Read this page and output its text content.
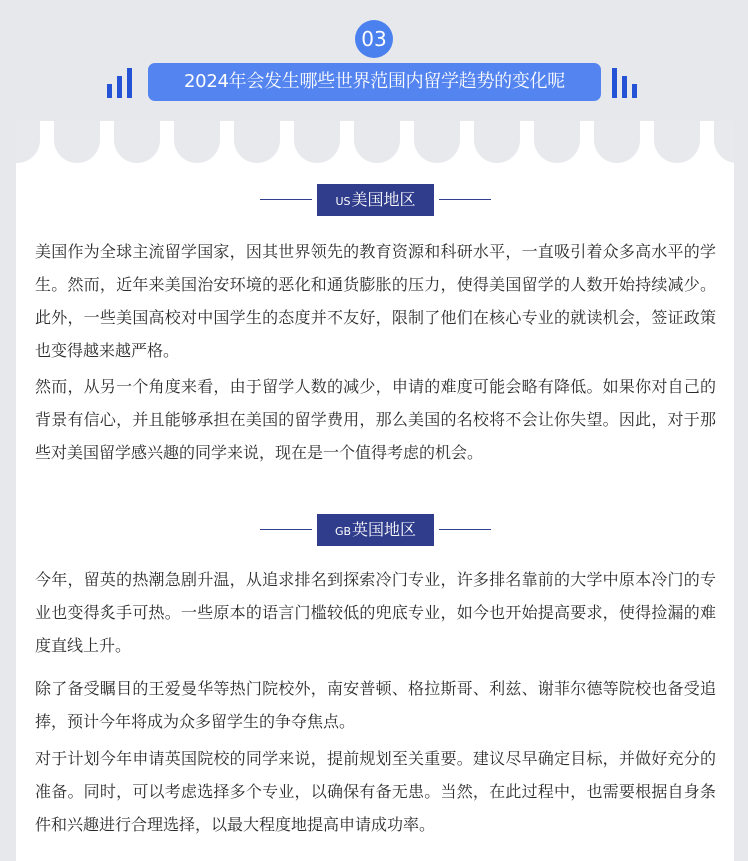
03
2024年会发生哪些世界范围内留学趋势的变化呢
US美国地区

美国作为全球主流留学国家，因其世界领先的教育资源和科研水平，一直吸引着众多高水平的学生。然而，近年来美国治安环境的恶化和通货膨胀的压力，使得美国留学的人数开始持续减少。此外，一些美国高校对中国学生的态度并不友好，限制了他们在核心专业的就读机会，签证政策也变得越来越严格。

然而，从另一个角度来看，由于留学人数的减少，申请的难度可能会略有降低。如果你对自己的背景有信心，并且能够承担在美国的留学费用，那么美国的名校将不会让你失望。因此，对于那些对美国留学感兴趣的同学来说，现在是一个值得考虑的机会。

GB英国地区

今年，留英的热潮急剧升温，从追求排名到探索冷门专业，许多排名靠前的大学中原本冷门的专业也变得炙手可热。一些原本的语言门槛较低的兜底专业，如今也开始提高要求，使得捡漏的难度直线上升。

除了备受瞩目的王爱曼华等热门院校外，南安普顿、格拉斯哥、利兹、谢菲尔德等院校也备受追捧，预计今年将成为众多留学生的争夺焦点。

对于计划今年申请英国院校的同学来说，提前规划至关重要。建议尽早确定目标，并做好充分的准备。同时，可以考虑选择多个专业，以确保有备无患。当然，在此过程中，也需要根据自身条件和兴趣进行合理选择，以最大程度地提高申请成功率。
